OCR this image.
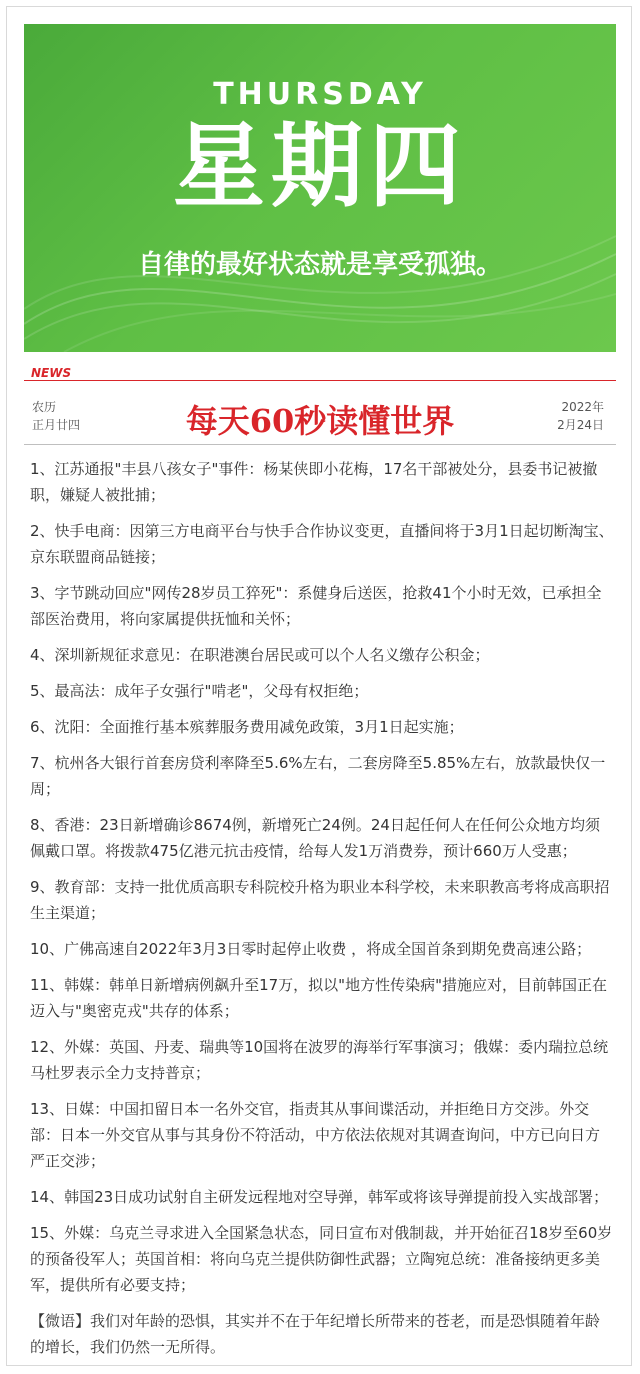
THURSDAY
星期四
自律的最好状态就是享受孤独。
NEWS
农历
正月廿四	每天60秒读懂世界	2022年
2月24日
1、江苏通报"丰县八孩女子"事件：杨某侠即小花梅，17名干部被处分，县委书记被撤职，嫌疑人被批捕；
2、快手电商：因第三方电商平台与快手合作协议变更，直播间将于3月1日起切断淘宝、京东联盟商品链接；
3、字节跳动回应"网传28岁员工猝死"：系健身后送医，抢救41个小时无效，已承担全部医治费用，将向家属提供抚恤和关怀；
4、深圳新规征求意见：在职港澳台居民或可以个人名义缴存公积金；
5、最高法：成年子女强行"啃老"，父母有权拒绝；
6、沈阳：全面推行基本殡葬服务费用减免政策，3月1日起实施；
7、杭州各大银行首套房贷利率降至5.6%左右，二套房降至5.85%左右，放款最快仅一周；
8、香港：23日新增确诊8674例，新增死亡24例。24日起任何人在任何公众地方均须佩戴口罩。将拨款475亿港元抗击疫情，给每人发1万消费券，预计660万人受惠；
9、教育部：支持一批优质高职专科院校升格为职业本科学校，未来职教高考将成高职招生主渠道；
10、广佛高速自2022年3月3日零时起停止收费 ，将成全国首条到期免费高速公路；
11、韩媒：韩单日新增病例飙升至17万，拟以"地方性传染病"措施应对，目前韩国正在迈入与"奥密克戎"共存的体系；
12、外媒：英国、丹麦、瑞典等10国将在波罗的海举行军事演习；俄媒：委内瑞拉总统马杜罗表示全力支持普京；
13、日媒：中国扣留日本一名外交官，指责其从事间谍活动，并拒绝日方交涉。外交部：日本一外交官从事与其身份不符活动，中方依法依规对其调查询问，中方已向日方严正交涉；
14、韩国23日成功试射自主研发远程地对空导弹，韩军或将该导弹提前投入实战部署；
15、外媒：乌克兰寻求进入全国紧急状态，同日宣布对俄制裁，并开始征召18岁至60岁的预备役军人；英国首相：将向乌克兰提供防御性武器；立陶宛总统：准备接纳更多美军，提供所有必要支持；
【微语】我们对年龄的恐惧，其实并不在于年纪增长所带来的苍老，而是恐惧随着年龄的增长，我们仍然一无所得。
